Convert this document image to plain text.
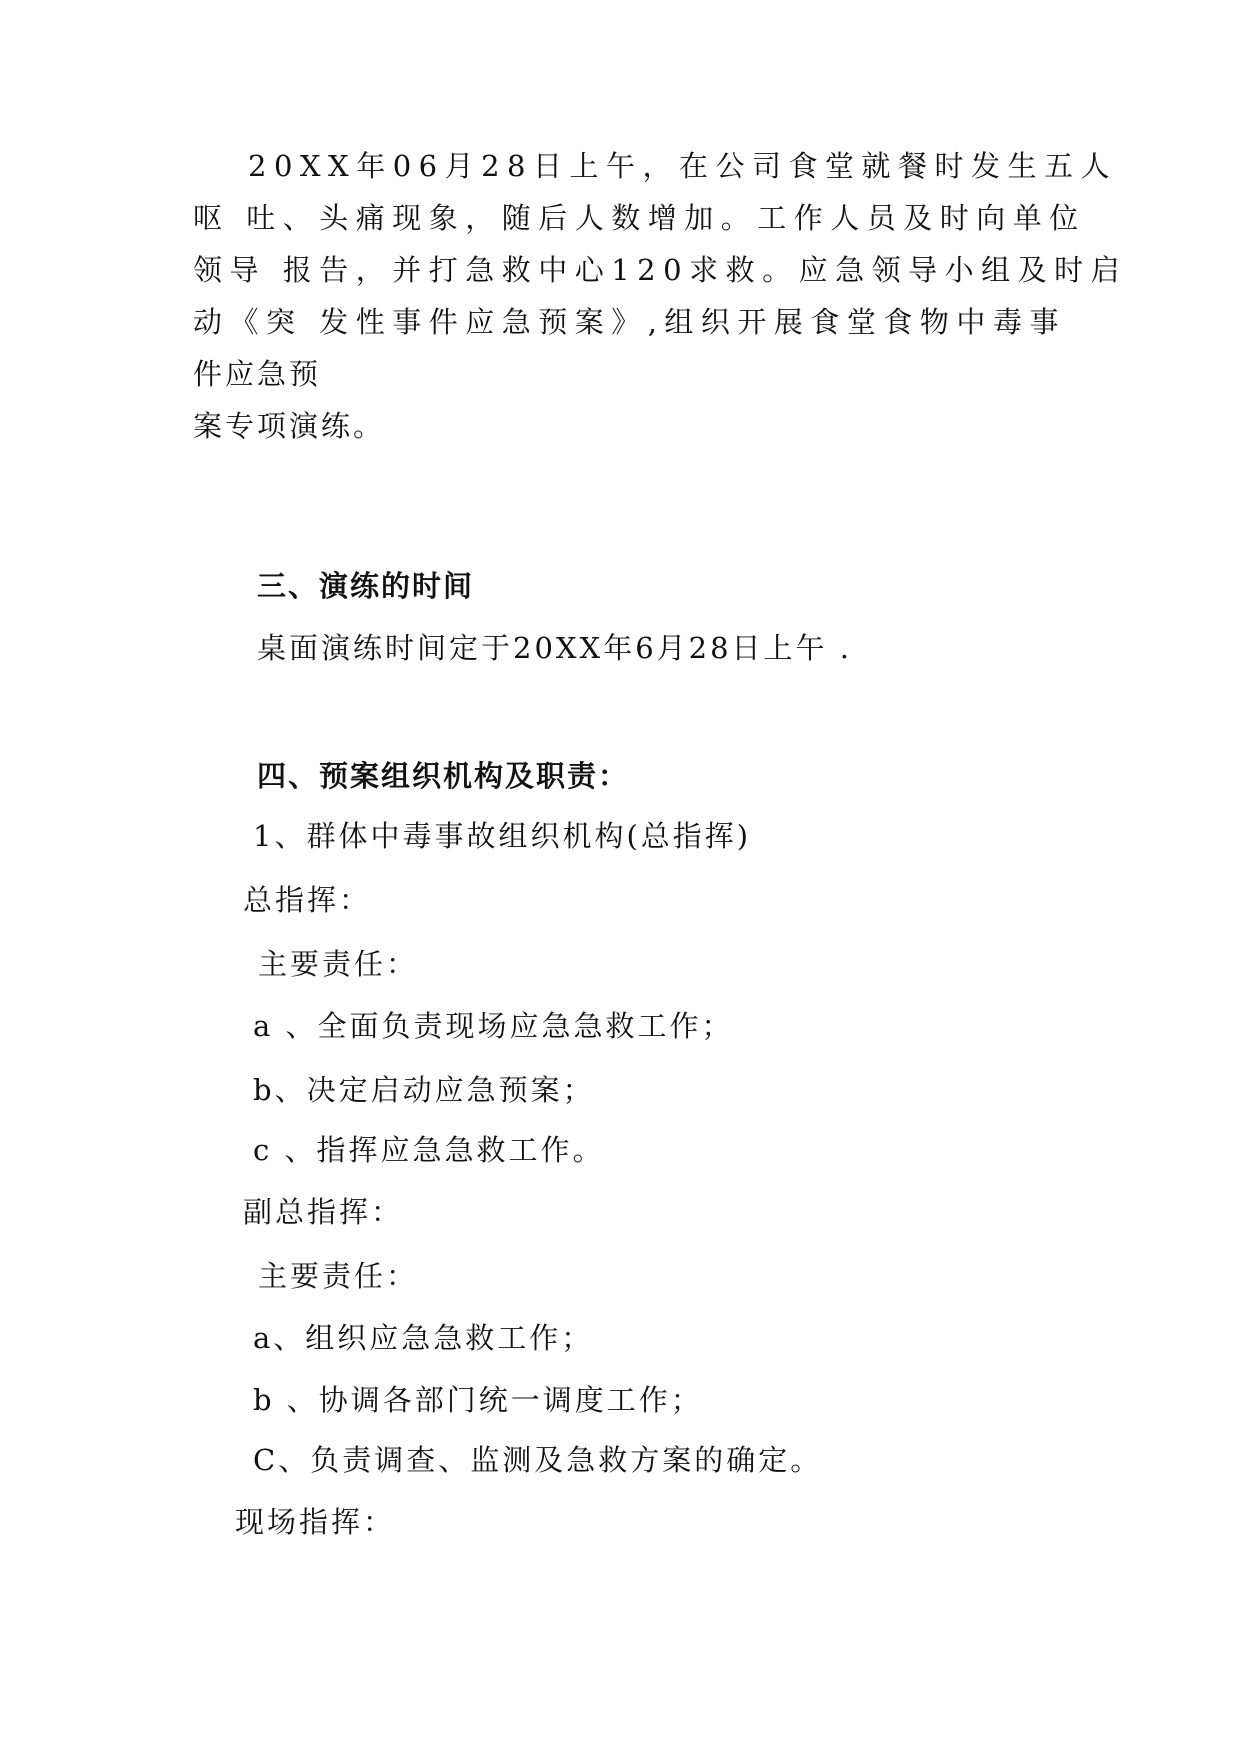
20XX年06月28日上午，在公司食堂就餐时发生五人
呕 吐、头痛现象，随后人数增加。工作人员及时向单位
领导 报告，并打急救中心120求救。应急领导小组及时启
动《突 发性事件应急预案》,组织开展食堂食物中毒事
件应急预
案专项演练。
三、演练的时间
桌面演练时间定于20XX年6月28日上午 .
四、预案组织机构及职责：
1、群体中毒事故组织机构(总指挥)
总指挥：
主要责任：
a 、全面负责现场应急急救工作；
b、决定启动应急预案；
c 、指挥应急急救工作。
副总指挥：
主要责任：
a、组织应急急救工作；
b 、协调各部门统一调度工作；
C、负责调查、监测及急救方案的确定。
现场指挥：
